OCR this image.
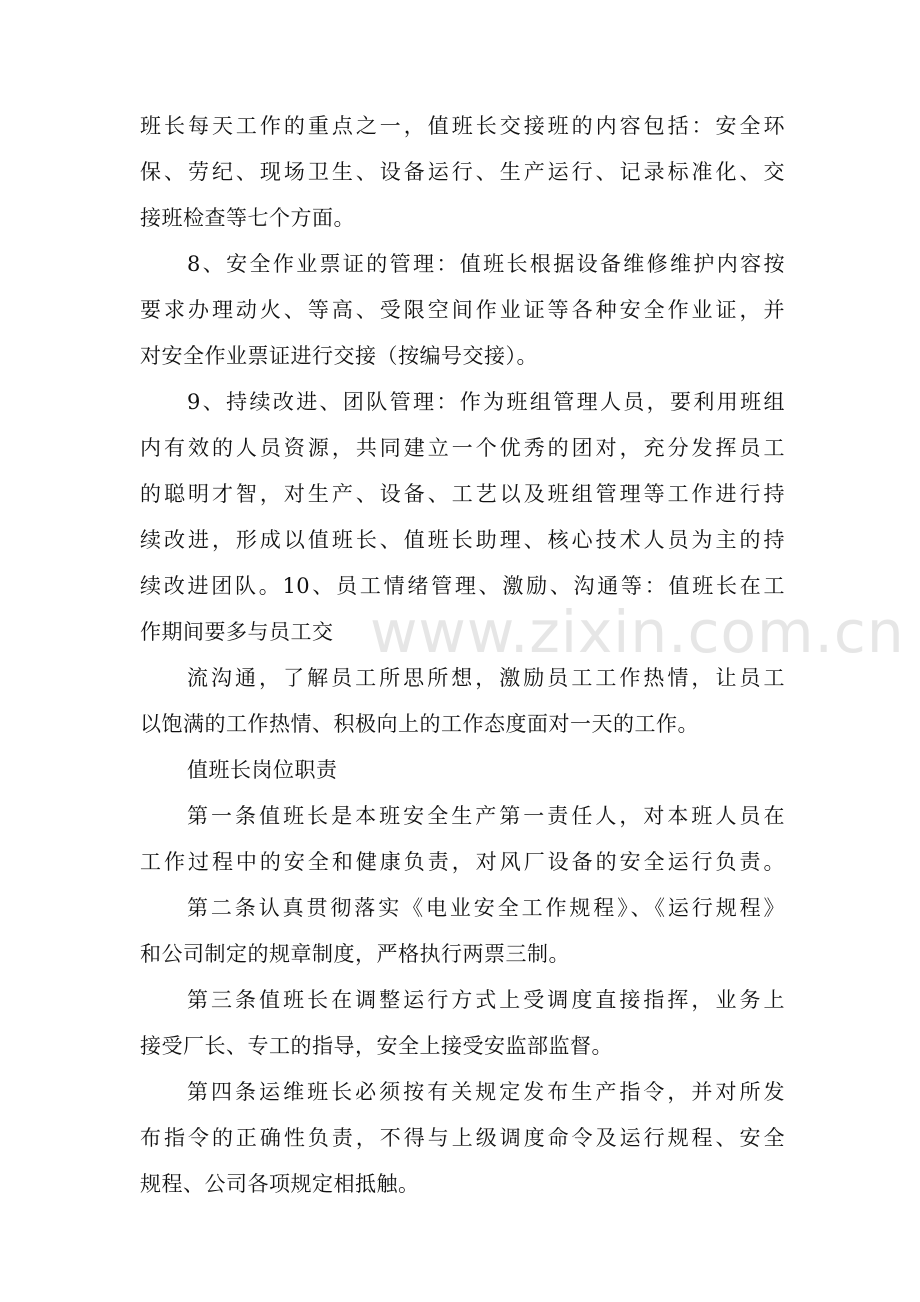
班长每天工作的重点之一，值班长交接班的内容包括：安全环
保、劳纪、现场卫生、设备运行、生产运行、记录标准化、交
接班检查等七个方面。
8、安全作业票证的管理：值班长根据设备维修维护内容按
要求办理动火、等高、受限空间作业证等各种安全作业证，并
对安全作业票证进行交接（按编号交接）。
9、持续改进、团队管理：作为班组管理人员，要利用班组
内有效的人员资源，共同建立一个优秀的团对，充分发挥员工
的聪明才智，对生产、设备、工艺以及班组管理等工作进行持
续改进，形成以值班长、值班长助理、核心技术人员为主的持
续改进团队。10、员工情绪管理、激励、沟通等：值班长在工
作期间要多与员工交 www.zixin.com.cn
流沟通，了解员工所思所想，激励员工工作热情，让员工
以饱满的工作热情、积极向上的工作态度面对一天的工作。
值班长岗位职责
第一条值班长是本班安全生产第一责任人，对本班人员在
工作过程中的安全和健康负责，对风厂设备的安全运行负责。
第二条认真贯彻落实《电业安全工作规程》、《运行规程》
和公司制定的规章制度，严格执行两票三制。
第三条值班长在调整运行方式上受调度直接指挥，业务上
接受厂长、专工的指导，安全上接受安监部监督。
第四条运维班长必须按有关规定发布生产指令，并对所发
布指令的正确性负责，不得与上级调度命令及运行规程、安全
规程、公司各项规定相抵触。
